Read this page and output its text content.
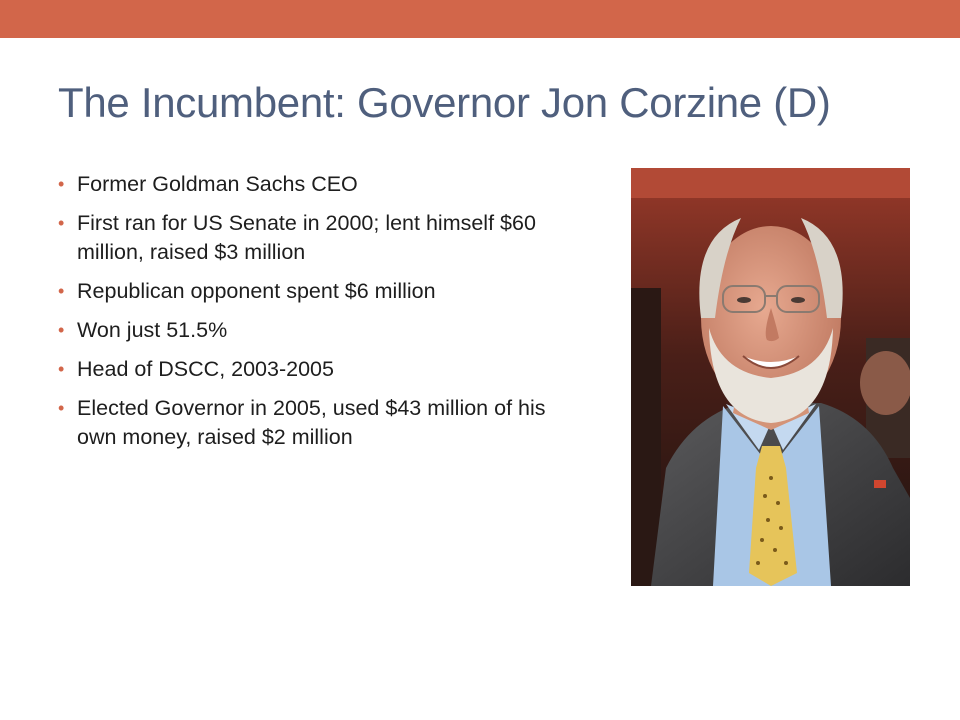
The Incumbent: Governor Jon Corzine (D)
• Former Goldman Sachs CEO
• First ran for US Senate in 2000; lent himself $60 million, raised $3 million
• Republican opponent spent $6 million
• Won just 51.5%
• Head of DSCC, 2003-2005
• Elected Governor in 2005, used $43 million of his own money, raised $2 million
